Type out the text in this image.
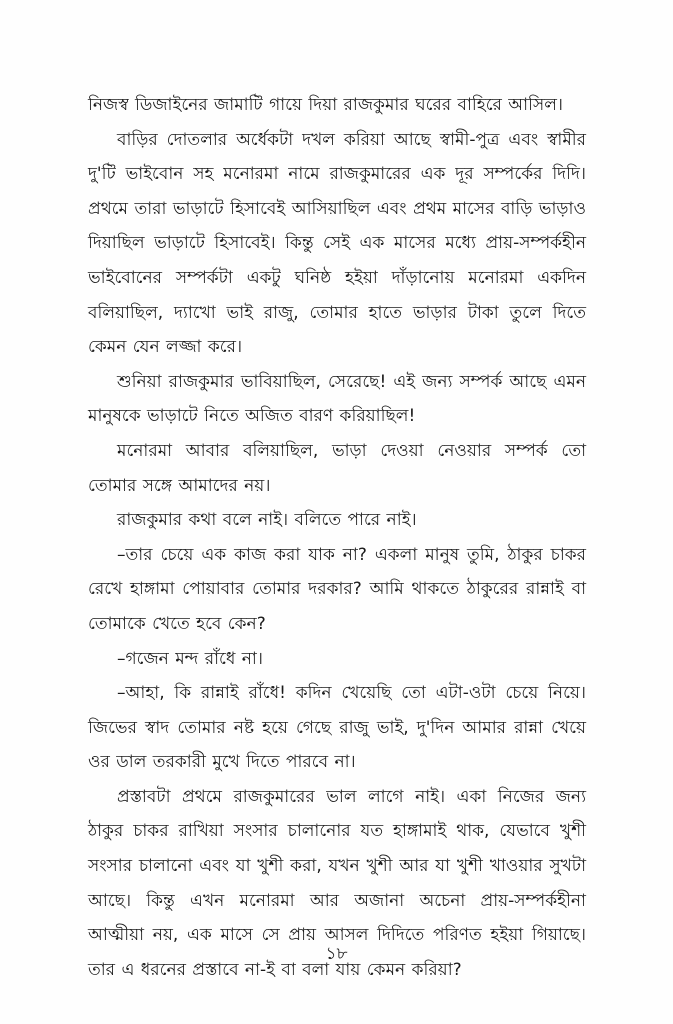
নিজস্ব ডিজাইনের জামাটি গায়ে দিয়া রাজকুমার ঘরের বাহিরে আসিল।

বাড়ির দোতলার অর্ধেকটা দখল করিয়া আছে স্বামী-পুত্র এবং স্বামীর দু'টি ভাইবোন সহ মনোরমা নামে রাজকুমারের এক দূর সম্পর্কের দিদি। প্রথমে তারা ভাড়াটে হিসাবেই আসিয়াছিল এবং প্রথম মাসের বাড়ি ভাড়াও দিয়াছিল ভাড়াটে হিসাবেই। কিন্তু সেই এক মাসের মধ্যে প্রায়-সম্পর্কহীন ভাইবোনের সম্পর্কটা একটু ঘনিষ্ঠ হইয়া দাঁড়ানোয় মনোরমা একদিন বলিয়াছিল, দ্যাখো ভাই রাজু, তোমার হাতে ভাড়ার টাকা তুলে দিতে কেমন যেন লজ্জা করে।

শুনিয়া রাজকুমার ভাবিয়াছিল, সেরেছে! এই জন্য সম্পর্ক আছে এমন মানুষকে ভাড়াটে নিতে অজিত বারণ করিয়াছিল!

মনোরমা আবার বলিয়াছিল, ভাড়া দেওয়া নেওয়ার সম্পর্ক তো তোমার সঙ্গে আমাদের নয়।

রাজকুমার কথা বলে নাই। বলিতে পারে নাই।

–তার চেয়ে এক কাজ করা যাক না? একলা মানুষ তুমি, ঠাকুর চাকর রেখে হাঙ্গামা পোয়াবার তোমার দরকার? আমি থাকতে ঠাকুরের রান্নাই বা তোমাকে খেতে হবে কেন?

–গজেন মন্দ রাঁধে না।

–আহা, কি রান্নাই রাঁধে! কদিন খেয়েছি তো এটা-ওটা চেয়ে নিয়ে। জিভের স্বাদ তোমার নষ্ট হয়ে গেছে রাজু ভাই, দু'দিন আমার রান্না খেয়ে ওর ডাল তরকারী মুখে দিতে পারবে না।

প্রস্তাবটা প্রথমে রাজকুমারের ভাল লাগে নাই। একা নিজের জন্য ঠাকুর চাকর রাখিয়া সংসার চালানোর যত হাঙ্গামাই থাক, যেভাবে খুশী সংসার চালানো এবং যা খুশী করা, যখন খুশী আর যা খুশী খাওয়ার সুখটা আছে। কিন্তু এখন মনোরমা আর অজানা অচেনা প্রায়-সম্পর্কহীনা আত্মীয়া নয়, এক মাসে সে প্রায় আসল দিদিতে পরিণত হইয়া গিয়াছে। তার এ ধরনের প্রস্তাবে না-ই বা বলা যায় কেমন করিয়া?

১৮
